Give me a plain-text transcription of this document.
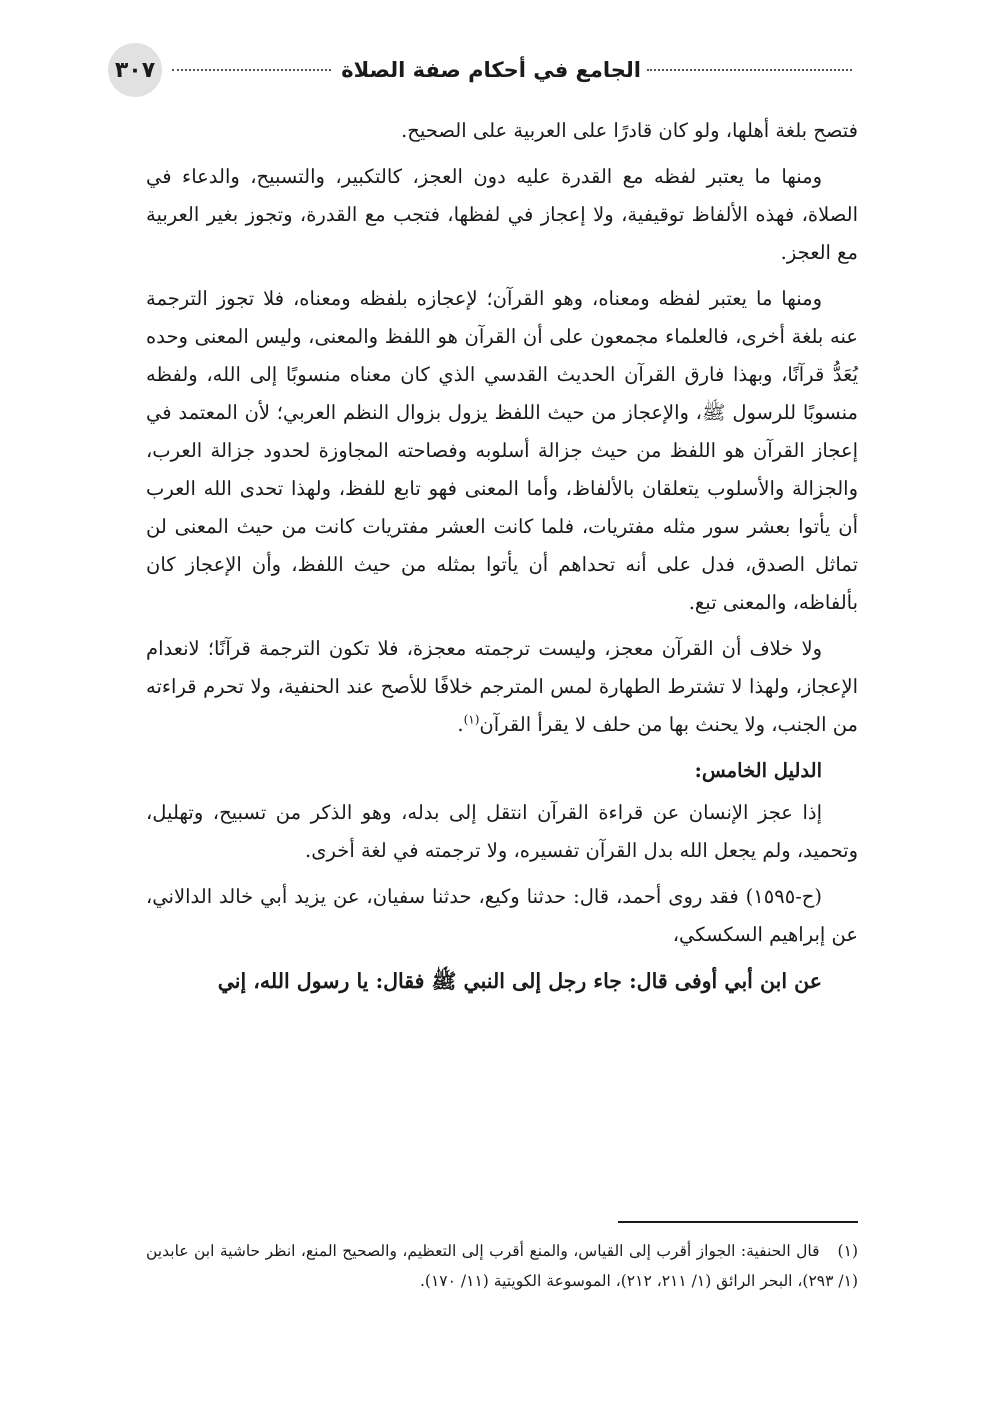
الجامع في أحكام صفة الصلاة
٣٠٧

فتصح بلغة أهلها، ولو كان قادرًا على العربية على الصحيح.

ومنها ما يعتبر لفظه مع القدرة عليه دون العجز، كالتكبير، والتسبيح، والدعاء في الصلاة، فهذه الألفاظ توقيفية، ولا إعجاز في لفظها، فتجب مع القدرة، وتجوز بغير العربية مع العجز.

ومنها ما يعتبر لفظه ومعناه، وهو القرآن؛ لإعجازه بلفظه ومعناه، فلا تجوز الترجمة عنه بلغة أخرى، فالعلماء مجمعون على أن القرآن هو اللفظ والمعنى، وليس المعنى وحده يُعَدُّ قرآنًا، وبهذا فارق القرآن الحديث القدسي الذي كان معناه منسوبًا إلى الله، ولفظه منسوبًا للرسول ﷺ، والإعجاز من حيث اللفظ يزول بزوال النظم العربي؛ لأن المعتمد في إعجاز القرآن هو اللفظ من حيث جزالة أسلوبه وفصاحته المجاوزة لحدود جزالة العرب، والجزالة والأسلوب يتعلقان بالألفاظ، وأما المعنى فهو تابع للفظ، ولهذا تحدى الله العرب أن يأتوا بعشر سور مثله مفتريات، فلما كانت العشر مفتريات كانت من حيث المعنى لن تماثل الصدق، فدل على أنه تحداهم أن يأتوا بمثله من حيث اللفظ، وأن الإعجاز كان بألفاظه، والمعنى تبع.

ولا خلاف أن القرآن معجز، وليست ترجمته معجزة، فلا تكون الترجمة قرآنًا؛ لانعدام الإعجاز، ولهذا لا تشترط الطهارة لمس المترجم خلافًا للأصح عند الحنفية، ولا تحرم قراءته من الجنب، ولا يحنث بها من حلف لا يقرأ القرآن$^{(١)}$.

الدليل الخامس:

إذا عجز الإنسان عن قراءة القرآن انتقل إلى بدله، وهو الذكر من تسبيح، وتهليل، وتحميد، ولم يجعل الله بدل القرآن تفسيره، ولا ترجمته في لغة أخرى.

(ح-١٥٩٥) فقد روى أحمد، قال: حدثنا وكيع، حدثنا سفيان، عن يزيد أبي خالد الدالاني، عن إبراهيم السكسكي،

عن ابن أبي أوفى قال: جاء رجل إلى النبي ﷺ فقال: يا رسول الله، إني

(١)قال الحنفية: الجواز أقرب إلى القياس، والمنع أقرب إلى التعظيم، والصحيح المنع، انظر حاشية ابن عابدين (١/ ٢٩٣)، البحر الرائق (١/ ٢١١، ٢١٢)، الموسوعة الكويتية (١١/ ١٧٠).
